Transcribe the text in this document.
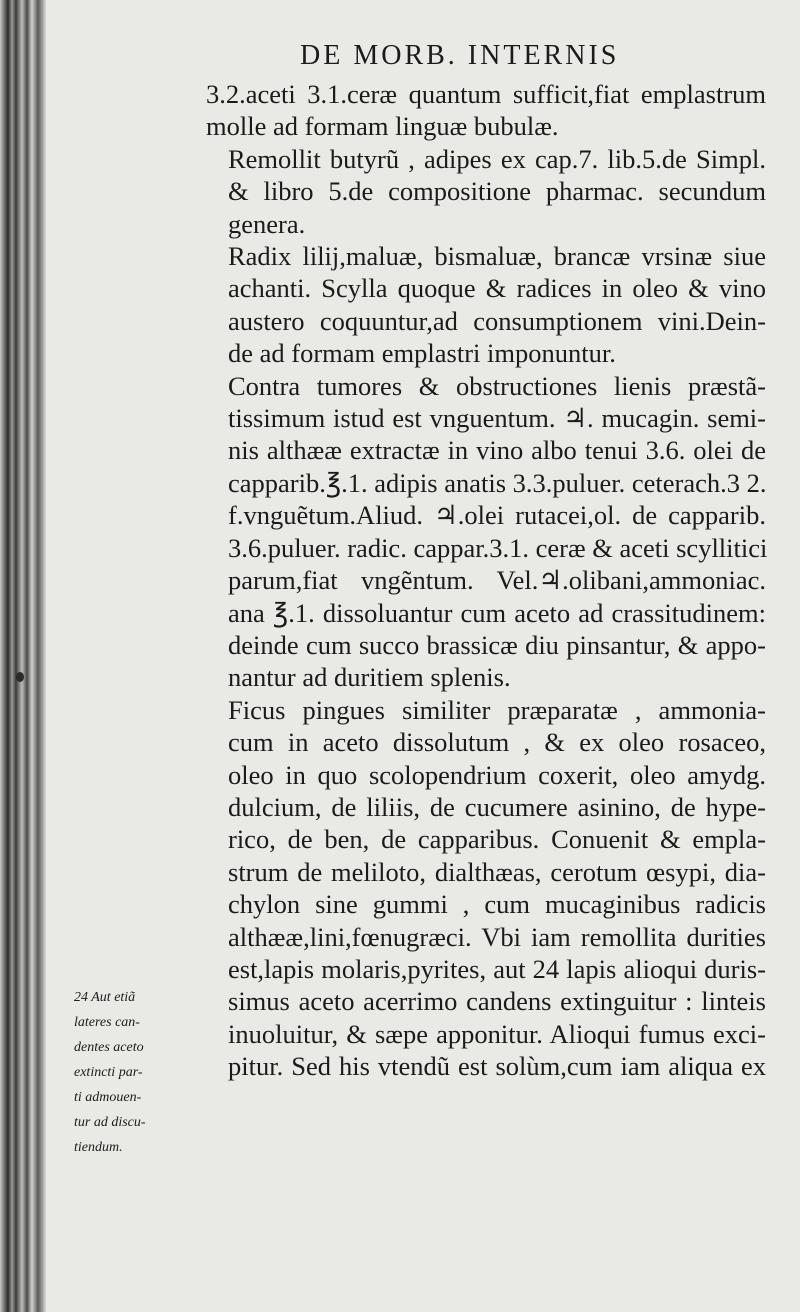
DE MORB. INTERNIS

3.2.aceti 3.1.ceræ quantum sufficit,fiat emplastrum
molle ad formam linguæ bubulæ.

Remollit butyrũ , adipes ex cap.7. lib.5.de Simpl.
& libro 5.de compositione pharmac. secundum
genera.

Radix lilij,maluæ, bismaluæ, brancæ vrsinæ siue
achanti. Scylla quoque & radices in oleo & vino
austero coquuntur,ad consumptionem vini.Dein-
de ad formam emplastri imponuntur.

Contra tumores & obstructiones lienis præstã-
tissimum istud est vnguentum. ♃. mucagin. semi-
nis althææ extractæ in vino albo tenui 3.6. olei de
capparib.℥.1. adipis anatis 3.3.puluer. ceterach.3 2.
f.vnguẽtum.Aliud. ♃.olei rutacei,ol. de capparib.
3.6.puluer. radic. cappar.3.1. ceræ & aceti scyllitici
parum,fiat vngẽntum. Vel.♃.olibani,ammoniac.
ana ℥.1. dissoluantur cum aceto ad crassitudinem:
deinde cum succo brassicæ diu pinsantur, & appo-
nantur ad duritiem splenis.

Ficus pingues similiter præparatæ , ammonia-
cum in aceto dissolutum , & ex oleo rosaceo,
oleo in quo scolopendrium coxerit, oleo amydg.
dulcium, de liliis, de cucumere asinino, de hype-
rico, de ben, de capparibus. Conuenit & empla-
strum de meliloto, dialthæas, cerotum œsypi, dia-
chylon sine gummi , cum mucaginibus radicis
althææ,lini,fœnugræci. Vbi iam remollita durities
est,lapis molaris,pyrites, aut 24 lapis alioqui duris-
simus aceto acerrimo candens extinguitur : linteis
inuoluitur, & sæpe apponitur. Alioqui fumus exci-
pitur. Sed his vtendũ est solùm,cum iam aliqua ex

24 Aut etiã
lateres can-
dentes aceto
extincti par-
ti admouen-
tur ad discu-
tiendum.
